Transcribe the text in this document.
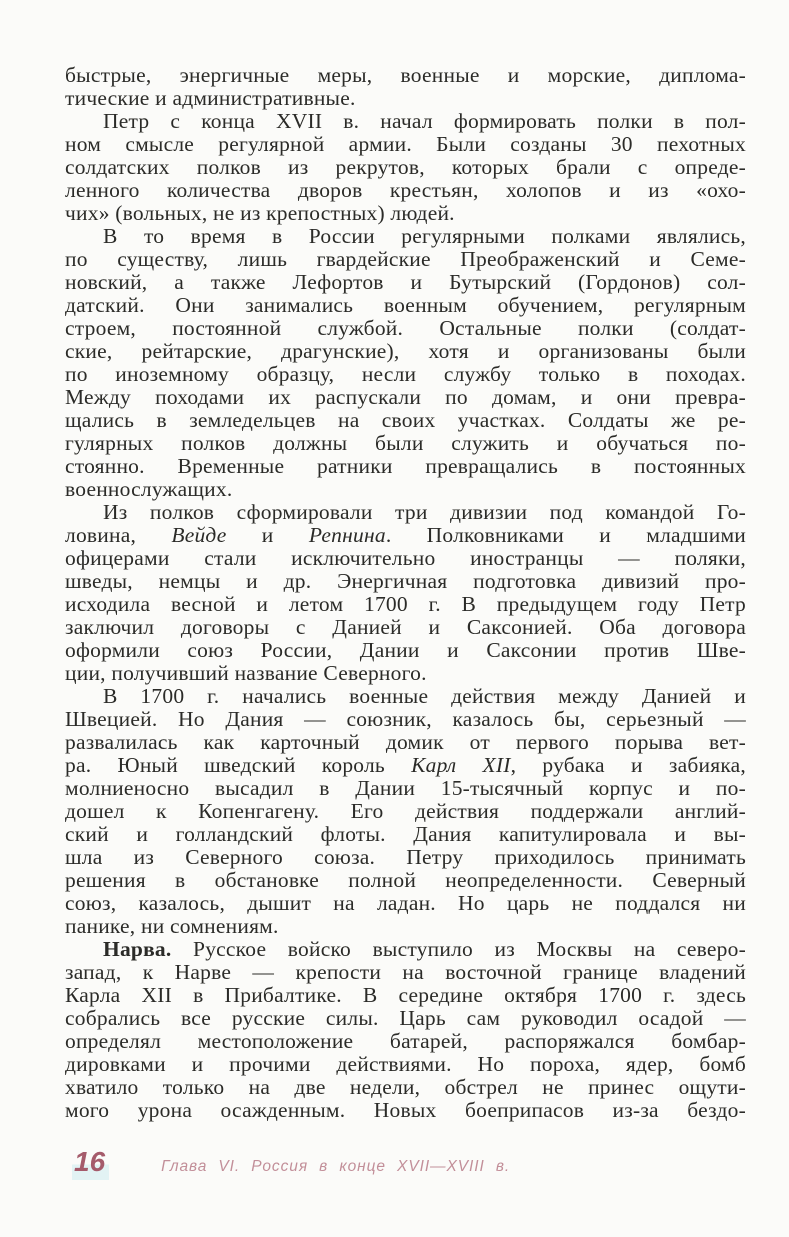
быстрые, энергичные меры, военные и морские, диплома-
тические и административные.
Петр с конца XVII в. начал формировать полки в пол-
ном смысле регулярной армии. Были созданы 30 пехотных
солдатских полков из рекрутов, которых брали с опреде-
ленного количества дворов крестьян, холопов и из «охо-
чих» (вольных, не из крепостных) людей.
В то время в России регулярными полками являлись,
по существу, лишь гвардейские Преображенский и Семе-
новский, а также Лефортов и Бутырский (Гордонов) сол-
датский. Они занимались военным обучением, регулярным
строем, постоянной службой. Остальные полки (солдат-
ские, рейтарские, драгунские), хотя и организованы были
по иноземному образцу, несли службу только в походах.
Между походами их распускали по домам, и они превра-
щались в земледельцев на своих участках. Солдаты же ре-
гулярных полков должны были служить и обучаться по-
стоянно. Временные ратники превращались в постоянных
военнослужащих.
Из полков сформировали три дивизии под командой Го-
ловина, Вейде и Репнина. Полковниками и младшими
офицерами стали исключительно иностранцы — поляки,
шведы, немцы и др. Энергичная подготовка дивизий про-
исходила весной и летом 1700 г. В предыдущем году Петр
заключил договоры с Данией и Саксонией. Оба договора
оформили союз России, Дании и Саксонии против Шве-
ции, получивший название Северного.
В 1700 г. начались военные действия между Данией и
Швецией. Но Дания — союзник, казалось бы, серьезный —
развалилась как карточный домик от первого порыва вет-
ра. Юный шведский король Карл XII, рубака и забияка,
молниеносно высадил в Дании 15-тысячный корпус и по-
дошел к Копенгагену. Его действия поддержали англий-
ский и голландский флоты. Дания капитулировала и вы-
шла из Северного союза. Петру приходилось принимать
решения в обстановке полной неопределенности. Северный
союз, казалось, дышит на ладан. Но царь не поддался ни
панике, ни сомнениям.
Нарва. Русское войско выступило из Москвы на северо-
запад, к Нарве — крепости на восточной границе владений
Карла XII в Прибалтике. В середине октября 1700 г. здесь
собрались все русские силы. Царь сам руководил осадой —
определял местоположение батарей, распоряжался бомбар-
дировками и прочими действиями. Но пороха, ядер, бомб
хватило только на две недели, обстрел не принес ощути-
мого урона осажденным. Новых боеприпасов из-за бездо-
16	Глава VI. Россия в конце XVII—XVIII в.
